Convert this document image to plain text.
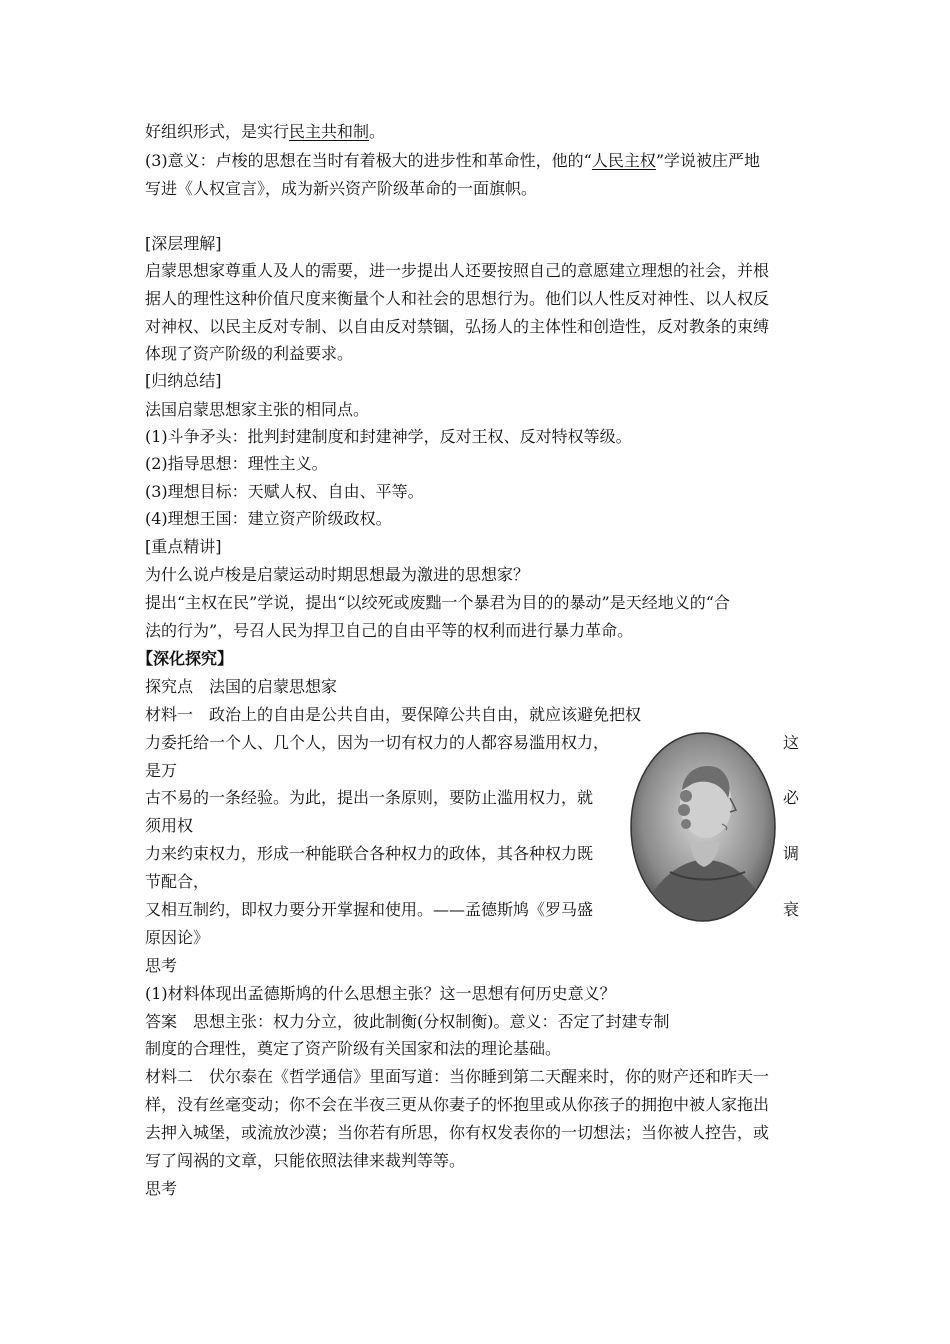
好组织形式，是实行民主共和制。
(3)意义：卢梭的思想在当时有着极大的进步性和革命性，他的“人民主权”学说被庄严地
写进《人权宣言》，成为新兴资产阶级革命的一面旗帜。
[深层理解]
启蒙思想家尊重人及人的需要，进一步提出人还要按照自己的意愿建立理想的社会，并根
据人的理性这种价值尺度来衡量个人和社会的思想行为。他们以人性反对神性、以人权反
对神权、以民主反对专制、以自由反对禁锢，弘扬人的主体性和创造性，反对教条的束缚
体现了资产阶级的利益要求。
[归纳总结]
法国启蒙思想家主张的相同点。
(1)斗争矛头：批判封建制度和封建神学，反对王权、反对特权等级。
(2)指导思想：理性主义。
(3)理想目标：天赋人权、自由、平等。
(4)理想王国：建立资产阶级政权。
[重点精讲]
为什么说卢梭是启蒙运动时期思想最为激进的思想家？
提出“主权在民”学说，提出“以绞死或废黜一个暴君为目的的暴动”是天经地义的“合
法的行为”，号召人民为捍卫自己的自由平等的权利而进行暴力革命。
【深化探究】
探究点　法国的启蒙思想家
材料一　政治上的自由是公共自由，要保障公共自由，就应该避免把权
力委托给一个人、几个人，因为一切有权力的人都容易滥用权力，	这
是万
古不易的一条经验。为此，提出一条原则，要防止滥用权力，就	必
须用权
力来约束权力，形成一种能联合各种权力的政体，其各种权力既	调
节配合，
又相互制约，即权力要分开掌握和使用。——孟德斯鸠《罗马盛	衰
原因论》
思考
(1)材料体现出孟德斯鸠的什么思想主张？这一思想有何历史意义？
答案　思想主张：权力分立，彼此制衡(分权制衡)。意义：否定了封建专制
制度的合理性，奠定了资产阶级有关国家和法的理论基础。
材料二　伏尔泰在《哲学通信》里面写道：当你睡到第二天醒来时，你的财产还和昨天一
样，没有丝毫变动；你不会在半夜三更从你妻子的怀抱里或从你孩子的拥抱中被人家拖出
去押入城堡，或流放沙漠；当你若有所思，你有权发表你的一切想法；当你被人控告，或
写了闯祸的文章，只能依照法律来裁判等等。
思考
